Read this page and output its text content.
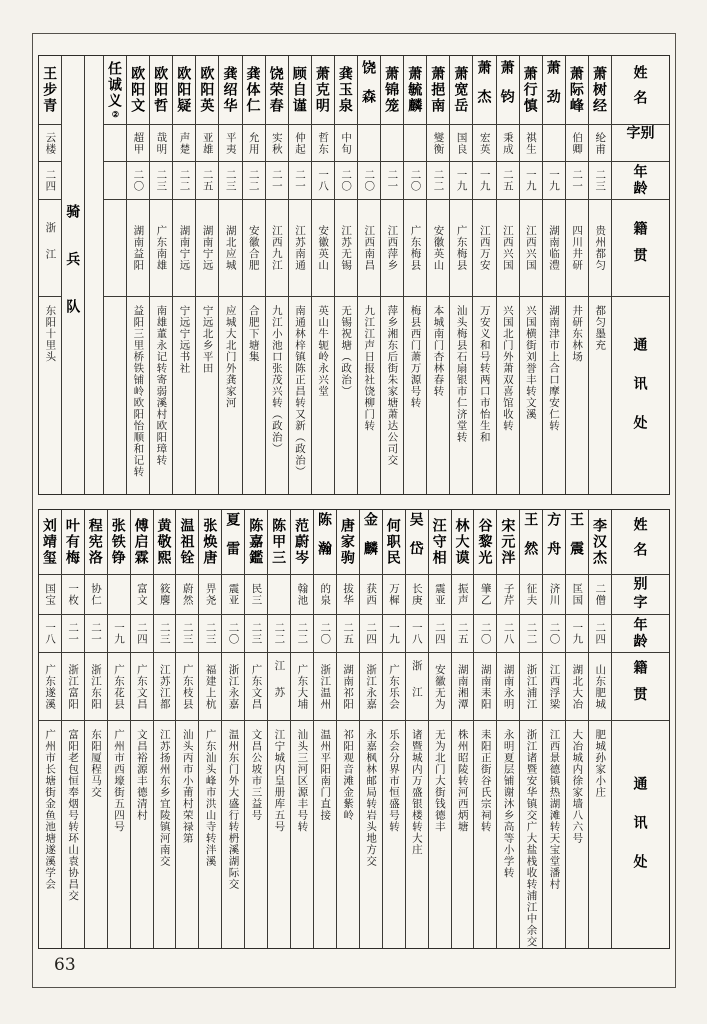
姓名
别字
年龄
籍贯
通讯处
萧树经
纶甫
二三
贵州都匀
都匀墨充
萧际峰
伯卿
二一
四川井研
井研东林场
萧劲
一九
湖南临澧
湖南津市上合口摩安仁转
萧行慎
祺生
一九
江西兴国
兴国横街刘誉丰转文溪
萧钧
秉成
二五
江西兴国
兴国北门外萧双喜馆收转
萧杰
宏英
一九
江西万安
万安义和号转两口市怡生和
萧宽岳
国良
一九
广东梅县
汕头梅县石扇银市仁济堂转
萧挹南
燮衡
二二
安徽英山
本城南门杏林春转
萧毓麟
二〇
广东梅县
梅县西门萧万源号转
萧锦笼
二一
江西萍乡
萍乡湘东后街朱家塘萧达公司交
饶森
二〇
江西南昌
九江江声日报社饶柳门转
龚玉泉
中旬
二〇
江苏无锡
无锡祝塘（政治）
萧克明
哲东
一八
安徽英山
英山牛轭岭永兴堂
顾自谨
仲起
二一
江苏南通
南通林梓镇陈正昌转又新（政治）
饶荣春
实秋
二一
江西九江
九江小池口张茂兴转（政治）
龚体仁
允用
二二
安徽合肥
合肥下塘集
龚绍华
平夷
二三
湖北应城
应城大北门外龚家河
欧阳英
亚雄
二五
湖南宁远
宁远北乡平田
欧阳疑
声楚
二二
湖南宁远
宁远宁远书社
欧阳哲
哉明
二三
广东南雄
南雄董永记转寄弱溪村欧阳璋转
欧阳文
超甲
二〇
湖南益阳
益阳三里桥铁铺岭欧阳怡顺和记转
任诚义
②
骑兵队
王步青
云楼
二四
浙江
东阳十里头
姓名
别字
年龄
籍贯
通讯处
李汉杰
二僧
二四
山东肥城
肥城孙家小庄
王震
匡国
一九
湖北大冶
大冶城内徐家墙八六号
方舟
济川
二〇
江西浮梁
江西景德镇热湖滩转天宝堂潘村
王然
征夫
二二
浙江浦江
浙江诸暨安华镇交广大盐栈收转浦江中余交
宋元泮
子芹
二八
湖南永明
永明夏层铺谢沐乡高等小学转
谷黎光
肇乙
二〇
湖南耒阳
耒阳正街谷氏宗祠转
林大谟
振声
二五
湖南湘潭
株州昭陵转河西炳塘
汪守相
震亚
二四
安徽无为
无为北门大街钱德丰
吴岱
长庚
一八
浙江
诸暨城内万盛银楼转大庄
何职民
万樨
一九
广东乐会
乐会分界市恒盛号转
金麟
获西
二四
浙江永嘉
永嘉枫林邮局转岩头地方交
唐家驹
拔华
二五
湖南祁阳
祁阳观音滩金紫岭
陈瀚
的泉
二〇
浙江温州
温州平阳南门直接
范蔚岑
翰池
二二
广东大埔
汕头三河区源丰号转
陈甲三
二二
江苏
江宁城内皇册库五号
陈嘉鑑
民三
二三
广东文昌
文昌公坡市三益号
夏雷
震亚
二〇
浙江永嘉
温州东门外大盛行转枬溪湖际交
张焕唐
畀尧
二三
福建上杭
广东汕头峰市洪山寺转泮溪
温祖铨
蔚然
二三
广东枝县
汕头丙市小莆村荣禄第
黄敬熙
筱麐
二三
江苏江都
江苏扬州东乡宜陵镇河南交
傅启霖
富文
二四
广东文昌
文昌裕源丰德清村
张铁铮
一九
广东花县
广州市西壕街五四号
程宪洛
协仁
二一
浙江东阳
东阳厦程马交
叶有梅
一枚
二一
浙江富阳
富阳老包恒奉烟号转环山袁协昌交
刘靖玺
国宝
一八
广东遂溪
广州市长塘街金鱼池塘遂溪学会
63
